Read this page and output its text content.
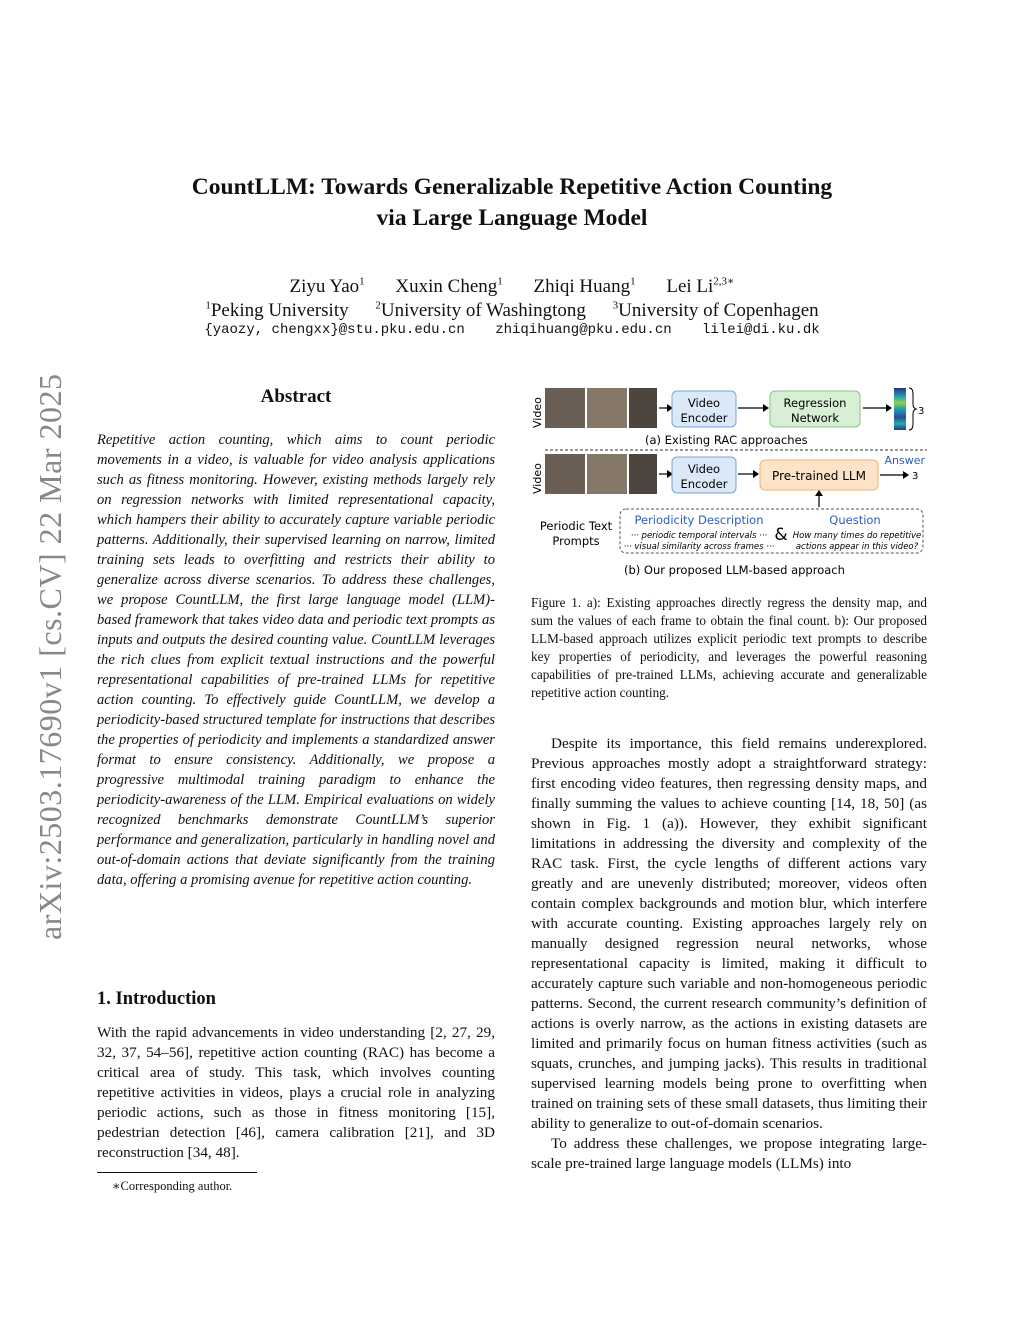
arXiv:2503.17690v1 [cs.CV] 22 Mar 2025
CountLLM: Towards Generalizable Repetitive Action Counting
via Large Language Model
Ziyu Yao$^1$ Xuxin Cheng$^1$ Zhiqi Huang$^1$ Lei $Li^{2,3∗}$
$^1$Peking University $^2$University of Washingtong $^3$University of Copenhagen
{yaozy, chengxx}@stu.pku.edu.cn zhiqihuang@pku.edu.cn lilei@di.ku.dk
Abstract
Repetitive action counting, which aims to count periodic movements in a video, is valuable for video analysis applications such as fitness monitoring. However, existing methods largely rely on regression networks with limited representational capacity, which hampers their ability to accurately capture variable periodic patterns. Additionally, their supervised learning on narrow, limited training sets leads to overfitting and restricts their ability to generalize across diverse scenarios. To address these challenges, we propose CountLLM, the first large language model (LLM)-based framework that takes video data and periodic text prompts as inputs and outputs the desired counting value. CountLLM leverages the rich clues from explicit textual instructions and the powerful representational capabilities of pre-trained LLMs for repetitive action counting. To effectively guide CountLLM, we develop a periodicity-based structured template for instructions that describes the properties of periodicity and implements a standardized answer format to ensure consistency. Additionally, we propose a progressive multimodal training paradigm to enhance the periodicity-awareness of the LLM. Empirical evaluations on widely recognized benchmarks demonstrate CountLLM’s superior performance and generalization, particularly in handling novel and out-of-domain actions that deviate significantly from the training data, offering a promising avenue for repetitive action counting.
1. Introduction
With the rapid advancements in video understanding [2, 27, 29, 32, 37, 54–56], repetitive action counting (RAC) has become a critical area of study. This task, which involves counting repetitive activities in videos, plays a crucial role in analyzing periodic actions, such as those in fitness monitoring [15], pedestrian detection [46], camera calibration [21], and 3D reconstruction [34, 48].
∗Corresponding author.
Video	Video
Encoder
Regression
Network	3
(a) Existing RAC approaches
Answer
Video	Video
Encoder
Pre-trained LLM	3
Periodic Text
Prompts
Periodicity Description
··· periodic temporal intervals ···
··· visual similarity across frames ···
&
Question
How many times do repetitive
actions appear in this video?
(b) Our proposed LLM-based approach
Figure 1. a): Existing approaches directly regress the density map, and sum the values of each frame to obtain the final count. b): Our proposed LLM-based approach utilizes explicit periodic text prompts to describe key properties of periodicity, and leverages the powerful reasoning capabilities of pre-trained LLMs, achieving accurate and generalizable repetitive action counting.

Despite its importance, this field remains underexplored. Previous approaches mostly adopt a straightforward strategy: first encoding video features, then regressing density maps, and finally summing the values to achieve counting [14, 18, 50] (as shown in Fig. 1 (a)). However, they exhibit significant limitations in addressing the diversity and complexity of the RAC task. First, the cycle lengths of different actions vary greatly and are unevenly distributed; moreover, videos often contain complex backgrounds and motion blur, which interfere with accurate counting. Existing approaches largely rely on manually designed regression neural networks, whose representational capacity is limited, making it difficult to accurately capture such variable and non-homogeneous periodic patterns. Second, the current research community’s definition of actions is overly narrow, as the actions in existing datasets are limited and primarily focus on human fitness activities (such as squats, crunches, and jumping jacks). This results in traditional supervised learning models being prone to overfitting when trained on training sets of these small datasets, thus limiting their ability to generalize to out-of-domain scenarios.

To address these challenges, we propose integrating large-scale pre-trained large language models (LLMs) into
